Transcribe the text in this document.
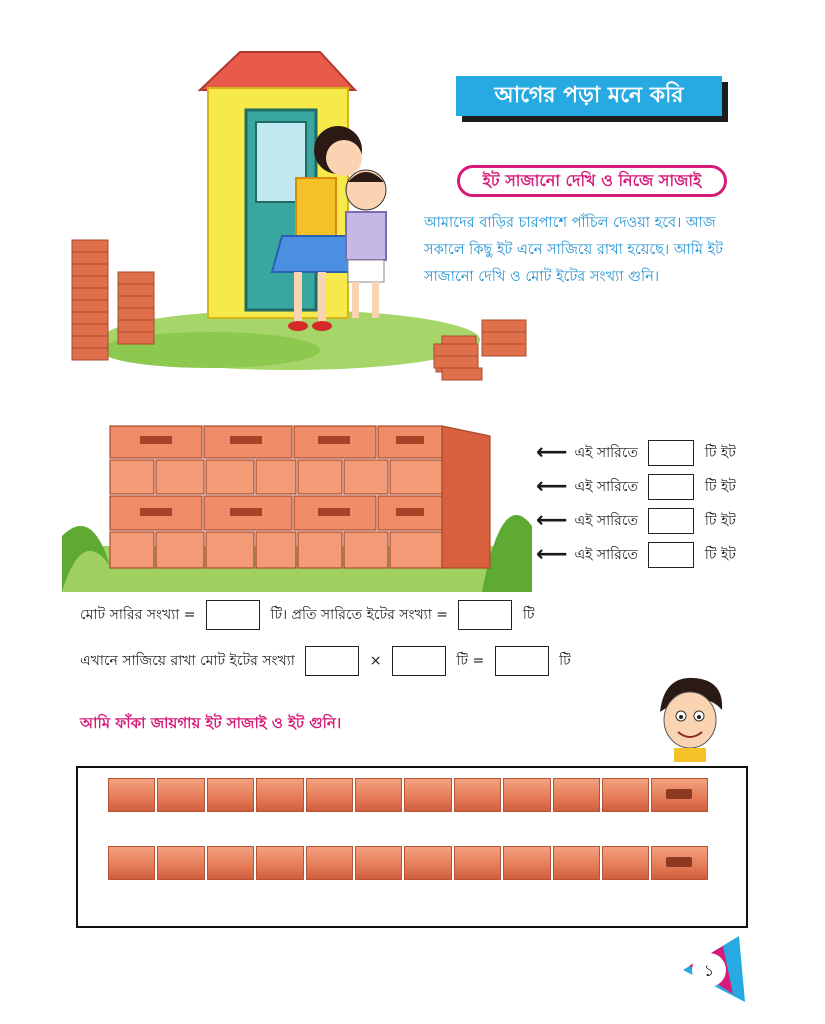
আগের পড়া মনে করি
ইট সাজানো দেখি ও নিজে সাজাই
আমাদের বাড়ির চারপাশে পাঁচিল দেওয়া হবে। আজ
সকালে কিছু ইট এনে সাজিয়ে রাখা হয়েছে। আমি ইট
সাজানো দেখি ও মোট ইটের সংখ্যা গুনি।
⟵ এই সারিতে	টি ইট
⟵ এই সারিতে	টি ইট
⟵ এই সারিতে	টি ইট
⟵ এই সারিতে	টি ইট
মোট সারির সংখ্যা =	টি। প্রতি সারিতে ইটের সংখ্যা =	টি
এখানে সাজিয়ে রাখা মোট ইটের সংখ্যা	×	টি =	টি
আমি ফাঁকা জায়গায় ইট সাজাই ও ইট গুনি।
১
